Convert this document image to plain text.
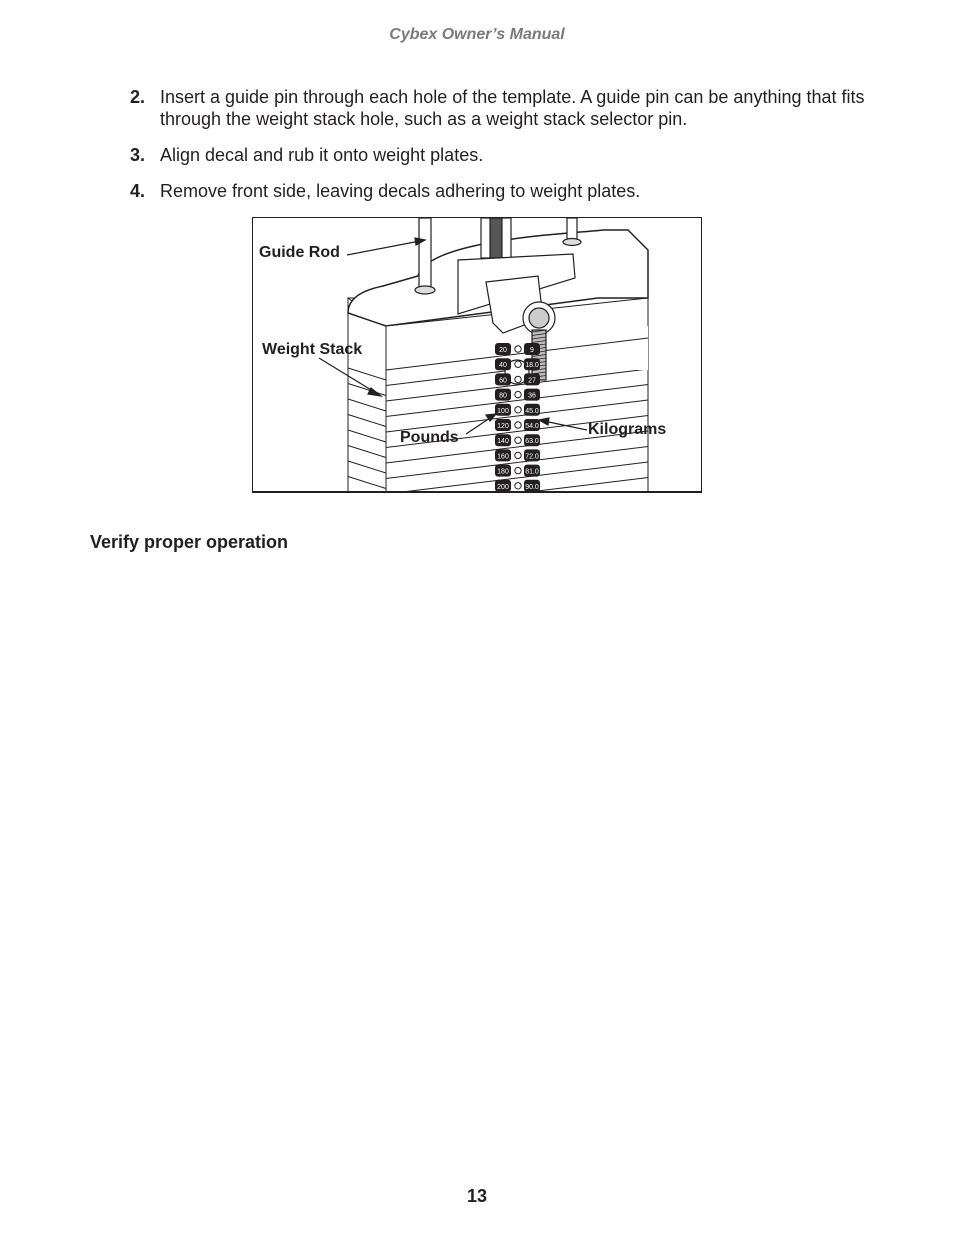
Cybex Owner’s Manual
2. Insert a guide pin through each hole of the template. A guide pin can be anything that fits through the weight stack hole, such as a weight stack selector pin.
3. Align decal and rub it onto weight plates.
4. Remove front side, leaving decals adhering to weight plates.
20
40
60
80
100
120
140
160
180
200
9
18.0
27
36
45.0
54.0
63.0
72.0
81.0
90.0
Guide Rod
Weight Stack
Pounds	Kilograms
Verify proper operation
13
